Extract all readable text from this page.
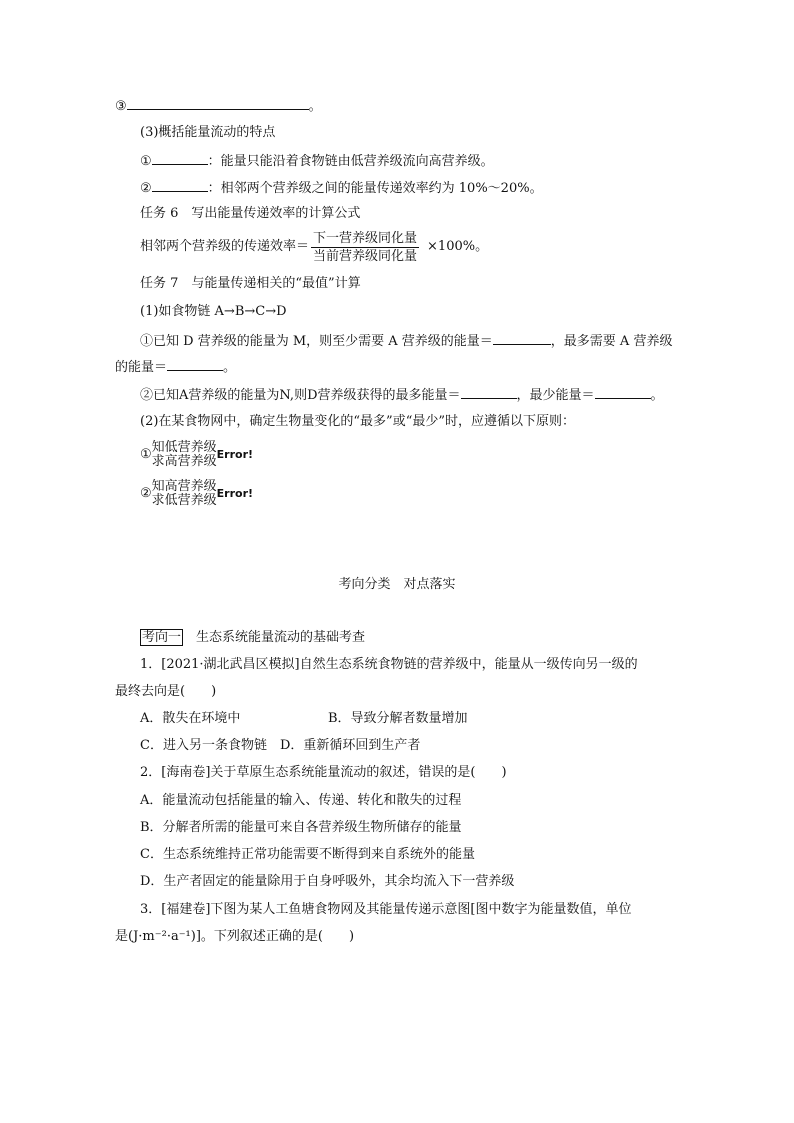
③	。
(3)概括能量流动的特点
①	：能量只能沿着食物链由低营养级流向高营养级。
②	：相邻两个营养级之间的能量传递效率约为 10%～20%。
任务 6　写出能量传递效率的计算公式
相邻两个营养级的传递效率＝ $\frac{\text{下一营养级同化量}}{\text{当前营养级同化量}} \times 100\%$。
任务 7　与能量传递相关的“最值”计算
(1)如食物链 A→B→C→D
①已知 D 营养级的能量为 M，则至少需要 A 营养级的能量＝	，最多需要 A 营养级
的能量＝	。
②已知A营养级的能量为N,则D营养级获得的最多能量＝	，最少能量＝	。
(2)在某食物网中，确定生物量变化的“最多”或“最少”时，应遵循以下原则：
① 知低营养级
求高营养级 Error!
② 知高营养级
求低营养级 Error!
考向分类　对点落实
考向一　 生态系统能量流动的基础考查
1．[2021·湖北武昌区模拟]自然生态系统食物链的营养级中，能量从一级传向另一级的
最终去向是(　　)
A．散失在环境中	B．导致分解者数量增加
C．进入另一条食物链　D．重新循环回到生产者
2．[海南卷]关于草原生态系统能量流动的叙述，错误的是(　　)
A．能量流动包括能量的输入、传递、转化和散失的过程
B．分解者所需的能量可来自各营养级生物所储存的能量
C．生态系统维持正常功能需要不断得到来自系统外的能量
D．生产者固定的能量除用于自身呼吸外，其余均流入下一营养级
3．[福建卷]下图为某人工鱼塘食物网及其能量传递示意图[图中数字为能量数值，单位
是(J·m⁻²·a⁻¹)]。下列叙述正确的是(　　)
